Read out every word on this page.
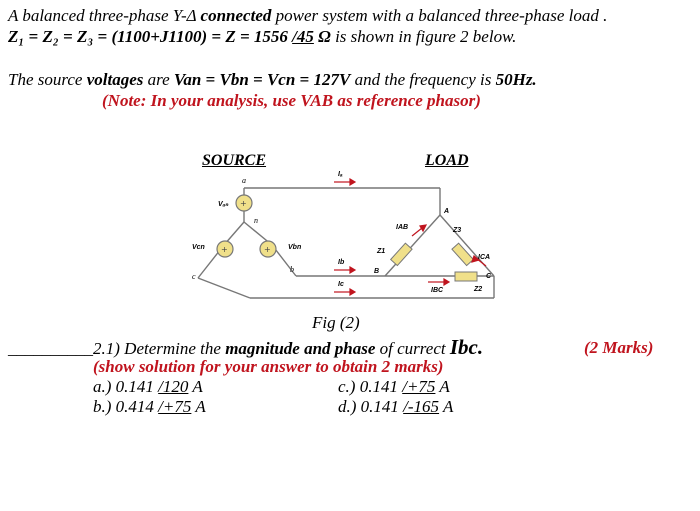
A balanced three-phase Y-Δ connected power system with a balanced three-phase load .
Z₁ = Z₂ = Z₃ = (1100+J1100) = Z = 1556 /45 Ω is shown in figure 2 below.
The source voltages are Van = Vbn = Vcn = 127V and the frequency is 50Hz.
(Note: In your analysis, use VAB as reference phasor)
SOURCE	LOAD
+
+
+
a
n
b
c
Vₐₙ
Vbn
Vcn
Iₐ
Ib
Ic
A
B
C
IAB
IBC
ICA
Z1
Z2
Z3
Fig (2)
__________2.1) Determine the magnitude and phase of currect Ibc.	(2 Marks)
(show solution for your answer to obtain 2 marks)
a.) 0.141 /120 A
b.) 0.414 /+75 A
c.) 0.141 /+75 A
d.) 0.141 /-165 A
